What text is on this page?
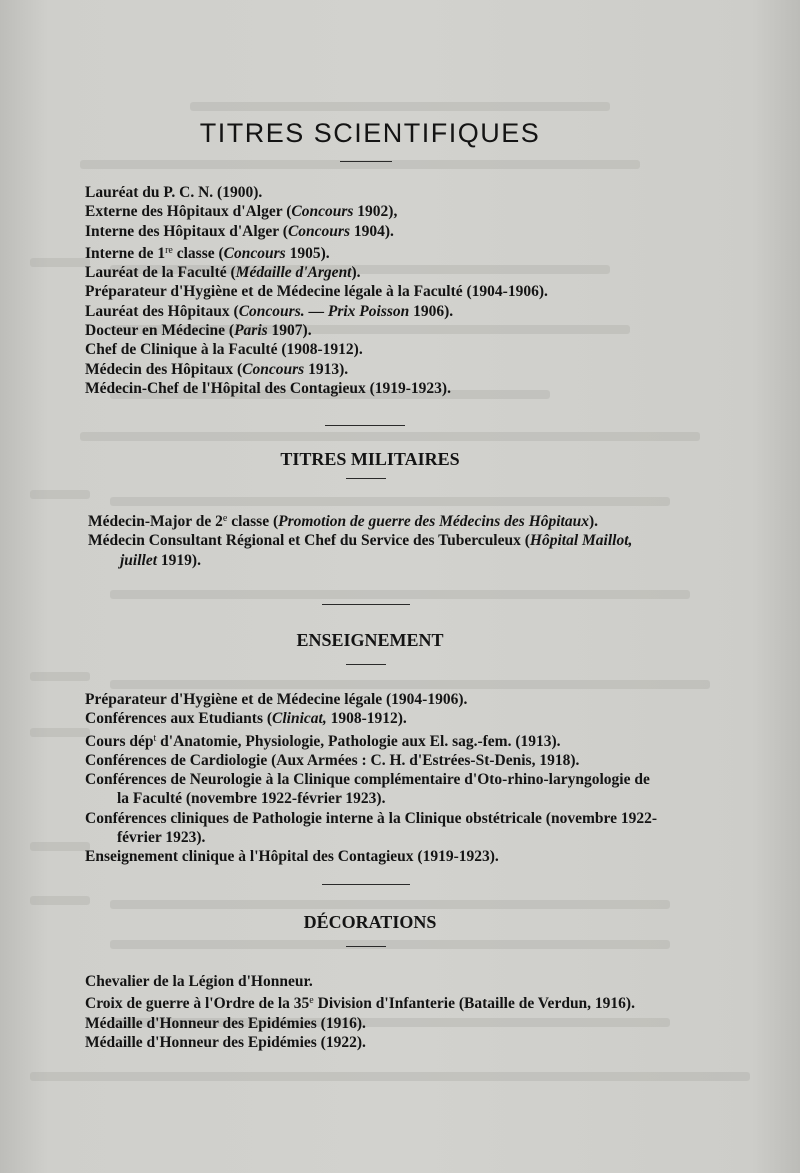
TITRES SCIENTIFIQUES
Lauréat du P. C. N. (1900).
Externe des Hôpitaux d'Alger (Concours 1902),
Interne des Hôpitaux d'Alger (Concours 1904).
Interne de 1re classe (Concours 1905).
Lauréat de la Faculté (Médaille d'Argent).
Préparateur d'Hygiène et de Médecine légale à la Faculté (1904-1906).
Lauréat des Hôpitaux (Concours. — Prix Poisson 1906).
Docteur en Médecine (Paris 1907).
Chef de Clinique à la Faculté (1908-1912).
Médecin des Hôpitaux (Concours 1913).
Médecin-Chef de l'Hôpital des Contagieux (1919-1923).
TITRES MILITAIRES
Médecin-Major de 2e classe (Promotion de guerre des Médecins des Hôpitaux).
Médecin Consultant Régional et Chef du Service des Tuberculeux (Hôpital Maillot, juillet 1919).
ENSEIGNEMENT
Préparateur d'Hygiène et de Médecine légale (1904-1906).
Conférences aux Etudiants (Clinicat, 1908-1912).
Cours dép$^t$ d'Anatomie, Physiologie, Pathologie aux El. sag.-fem. (1913).
Conférences de Cardiologie (Aux Armées : C. H. d'Estrées-St-Denis, 1918).
Conférences de Neurologie à la Clinique complémentaire d'Oto-rhino-laryngologie de la Faculté (novembre 1922-février 1923).
Conférences cliniques de Pathologie interne à la Clinique obstétricale (novembre 1922-février 1923).
Enseignement clinique à l'Hôpital des Contagieux (1919-1923).
DÉCORATIONS
Chevalier de la Légion d'Honneur.
Croix de guerre à l'Ordre de la 35e Division d'Infanterie (Bataille de Verdun, 1916).
Médaille d'Honneur des Epidémies (1916).
Médaille d'Honneur des Epidémies (1922).
